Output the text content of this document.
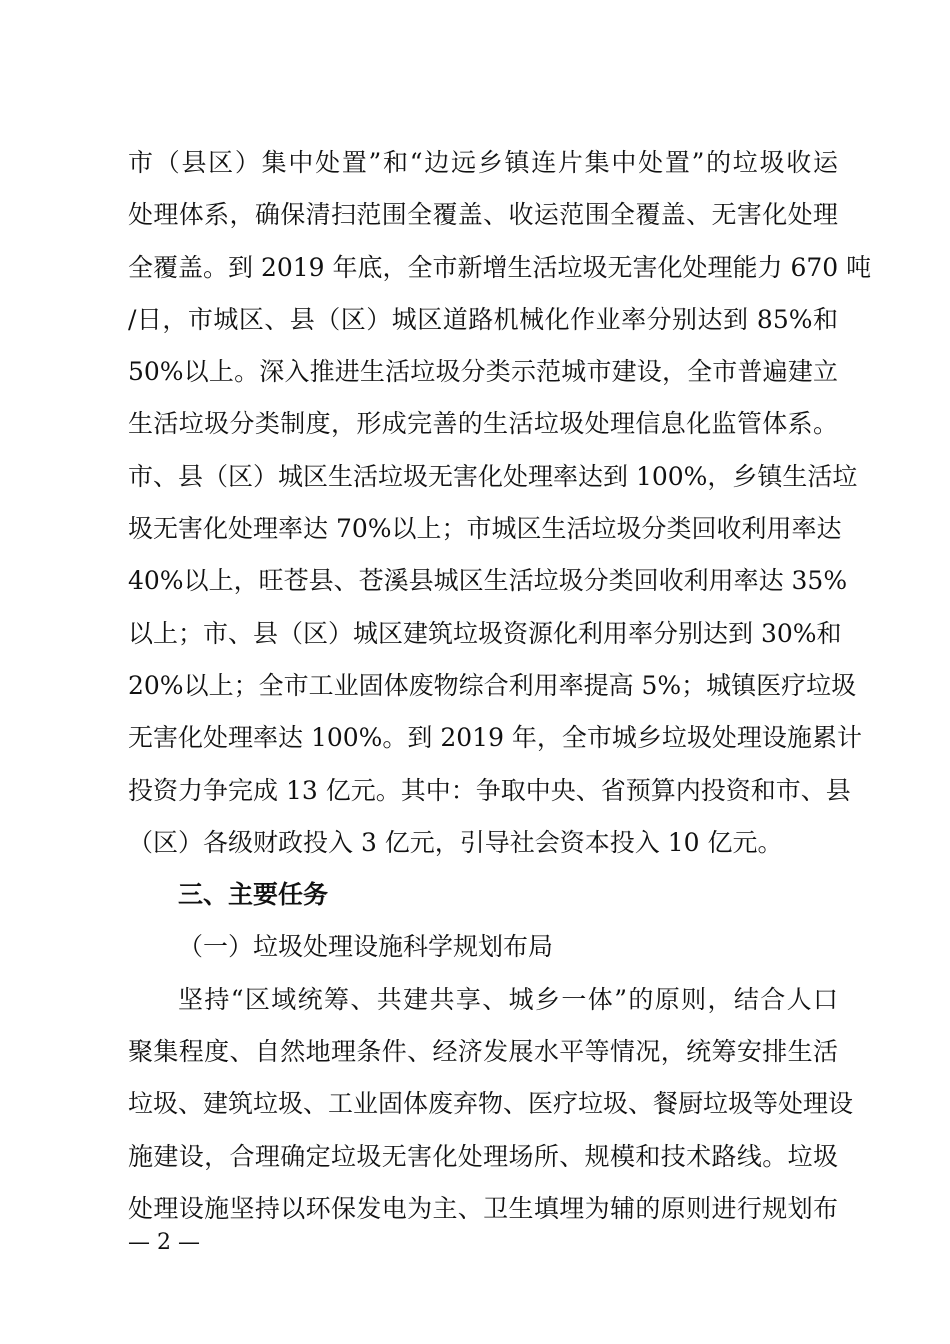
市（县区）集中处置”和“边远乡镇连片集中处置”的垃圾收运
处理体系，确保清扫范围全覆盖、收运范围全覆盖、无害化处理
全覆盖。到 2019 年底，全市新增生活垃圾无害化处理能力 670 吨
/日，市城区、县（区）城区道路机械化作业率分别达到 85%和
50%以上。深入推进生活垃圾分类示范城市建设，全市普遍建立
生活垃圾分类制度，形成完善的生活垃圾处理信息化监管体系。
市、县（区）城区生活垃圾无害化处理率达到 100%，乡镇生活垃
圾无害化处理率达 70%以上；市城区生活垃圾分类回收利用率达
40%以上，旺苍县、苍溪县城区生活垃圾分类回收利用率达 35%
以上；市、县（区）城区建筑垃圾资源化利用率分别达到 30%和
20%以上；全市工业固体废物综合利用率提高 5%；城镇医疗垃圾
无害化处理率达 100%。到 2019 年，全市城乡垃圾处理设施累计
投资力争完成 13 亿元。其中：争取中央、省预算内投资和市、县
（区）各级财政投入 3 亿元，引导社会资本投入 10 亿元。
三、主要任务
（一）垃圾处理设施科学规划布局
坚持“区域统筹、共建共享、城乡一体”的原则，结合人口
聚集程度、自然地理条件、经济发展水平等情况，统筹安排生活
垃圾、建筑垃圾、工业固体废弃物、医疗垃圾、餐厨垃圾等处理设
施建设，合理确定垃圾无害化处理场所、规模和技术路线。垃圾
处理设施坚持以环保发电为主、卫生填埋为辅的原则进行规划布
— 2 —
